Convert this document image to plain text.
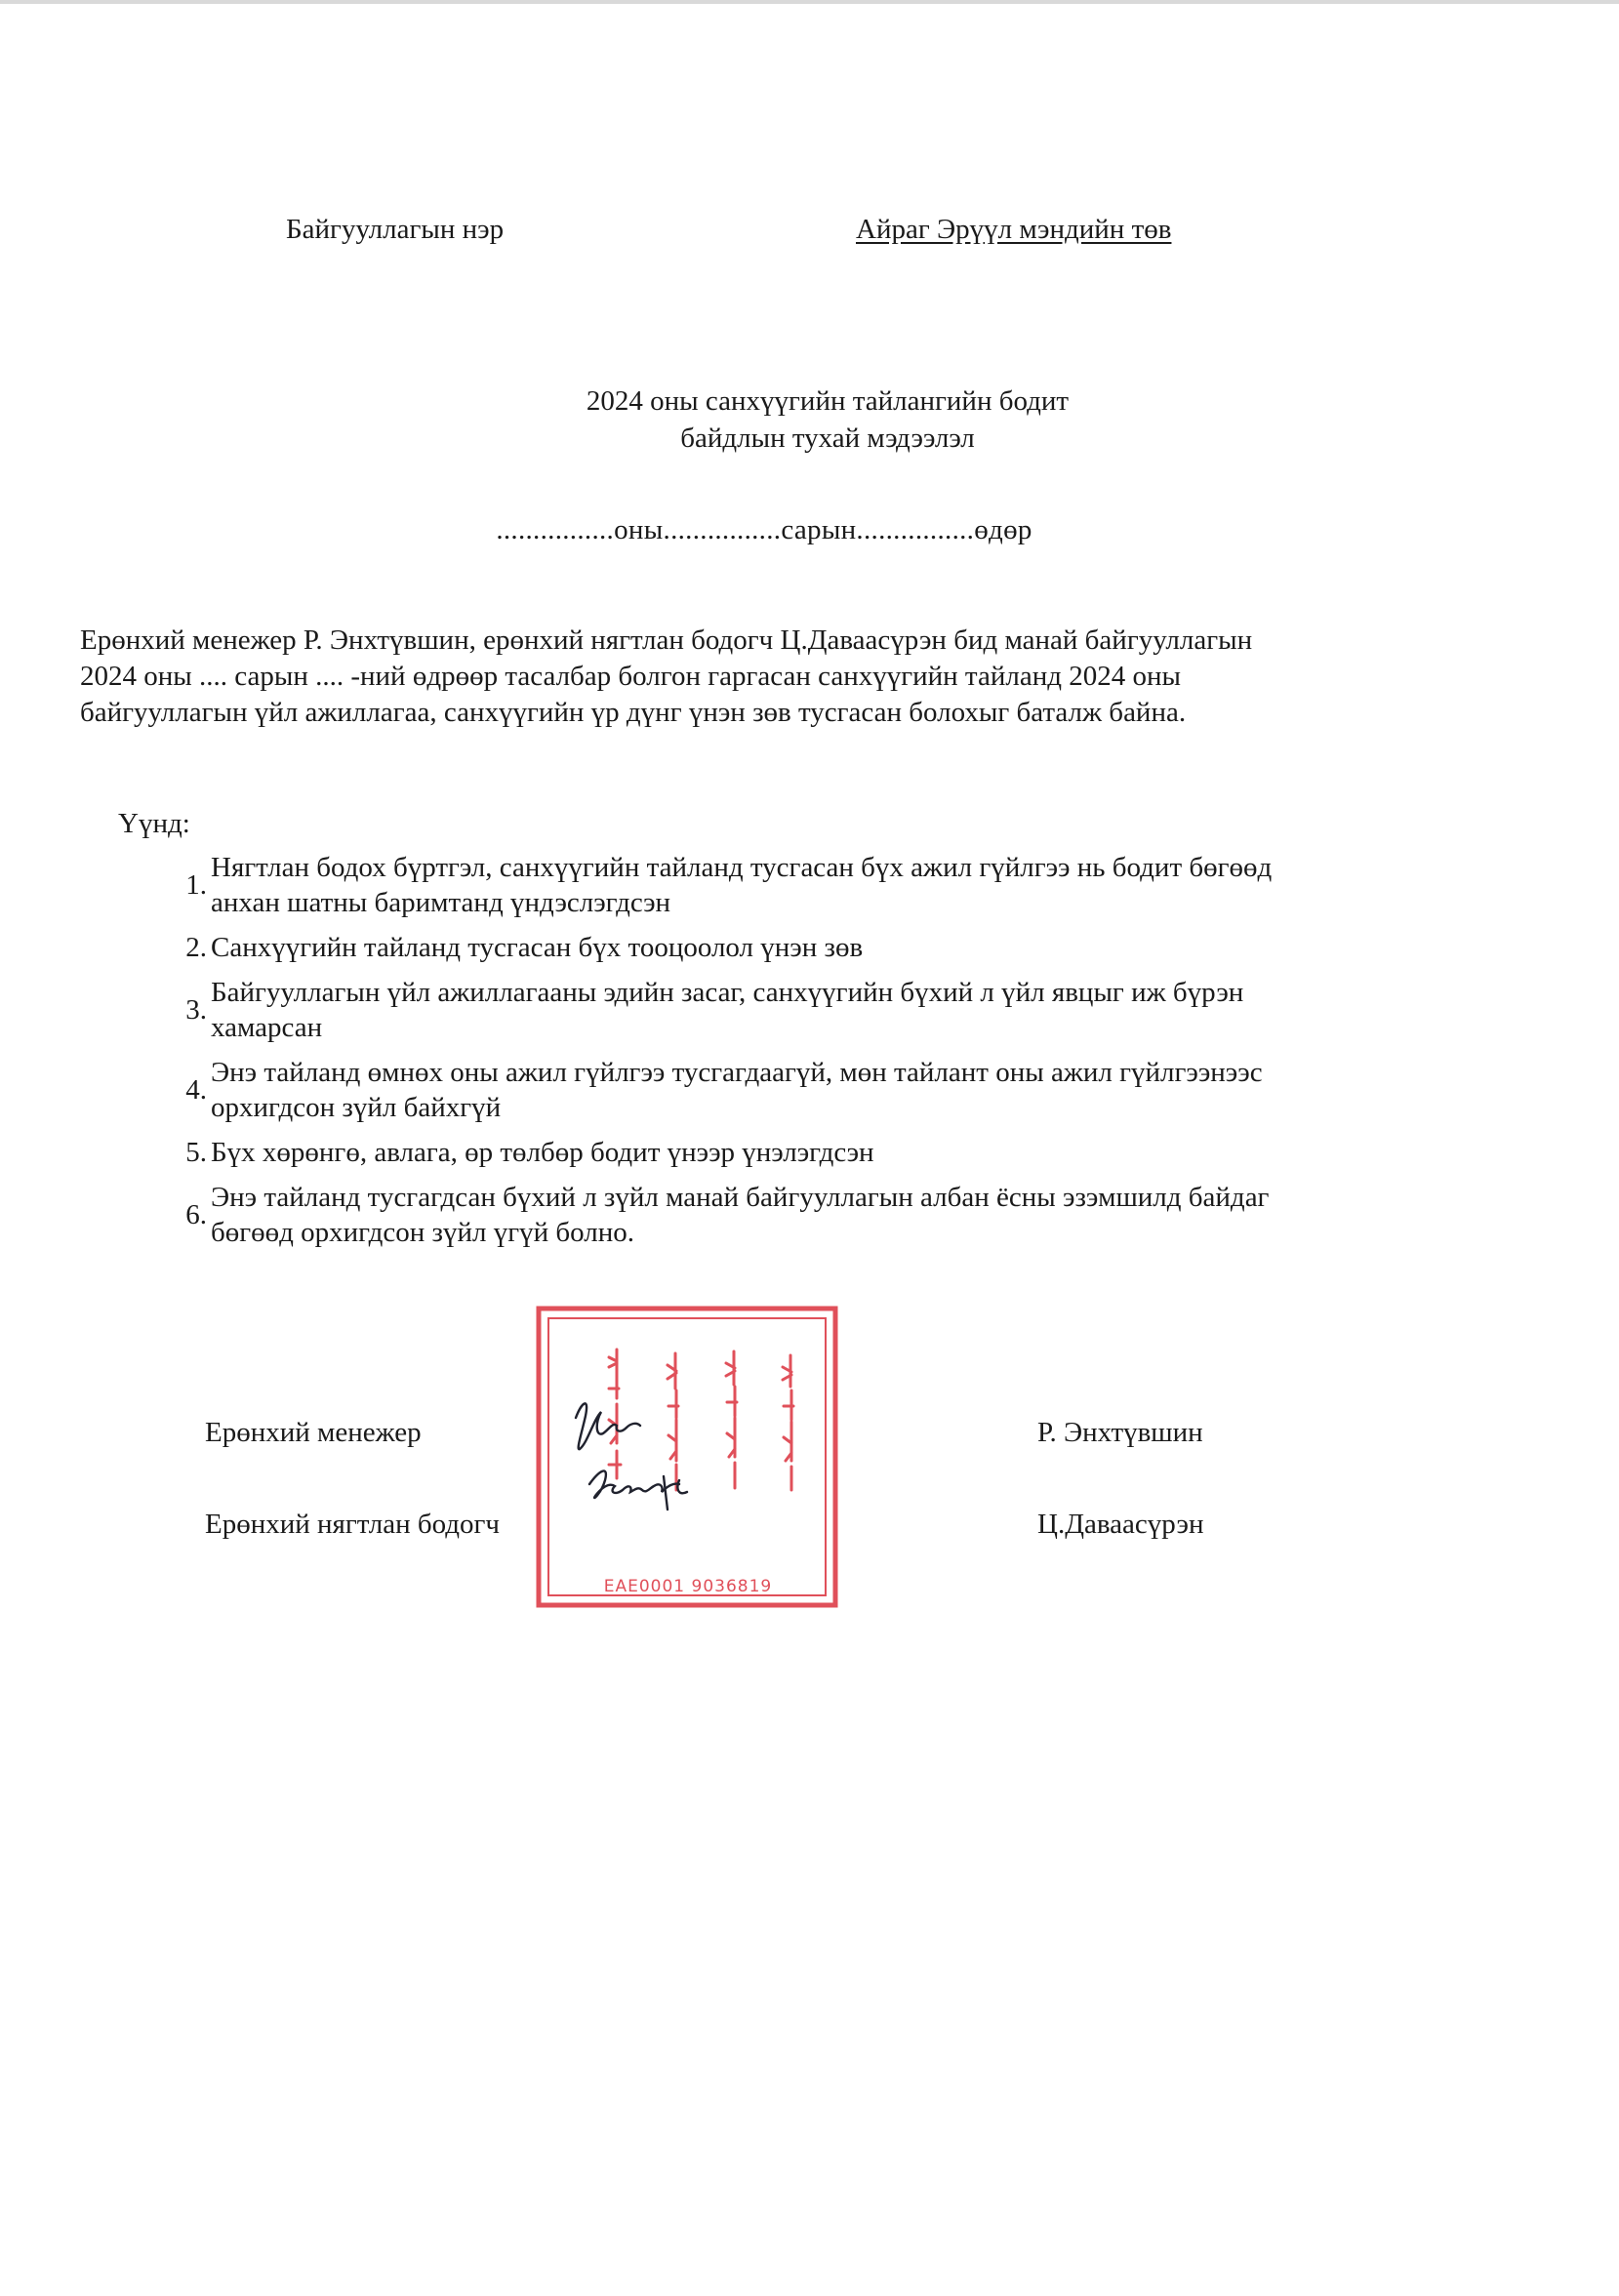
Байгууллагын нэр	Айраг Эрүүл мэндийн төв
2024 оны санхүүгийн тайлангийн бодит
байдлын тухай мэдээлэл
................оны................сарын................өдөр
Ерөнхий менежер Р. Энхтүвшин, ерөнхий нягтлан бодогч Ц.Даваасүрэн бид манай байгууллагын
2024 оны .... сарын .... -ний өдрөөр тасалбар болгон гаргасан санхүүгийн тайланд 2024 оны
байгууллагын үйл ажиллагаа, санхүүгийн үр дүнг үнэн зөв тусгасан болохыг баталж байна.
Үүнд:
1.
Нягтлан бодох бүртгэл, санхүүгийн тайланд тусгасан бүх ажил гүйлгээ нь бодит бөгөөд
анхан шатны баримтанд үндэслэгдсэн
2. Санхүүгийн тайланд тусгасан бүх тооцоолол үнэн зөв
3.
Байгууллагын үйл ажиллагааны эдийн засаг, санхүүгийн бүхий л үйл явцыг иж бүрэн
хамарсан
4.
Энэ тайланд өмнөх оны ажил гүйлгээ тусгагдаагүй, мөн тайлант оны ажил гүйлгээнээс
орхигдсон зүйл байхгүй
5. Бүх хөрөнгө, авлага, өр төлбөр бодит үнээр үнэлэгдсэн
6.
Энэ тайланд тусгагдсан бүхий л зүйл манай байгууллагын албан ёсны эзэмшилд байдаг
бөгөөд орхигдсон зүйл үгүй болно.
Ерөнхий менежер	Р. Энхтүвшин
Ерөнхий нягтлан бодогч	Ц.Даваасүрэн
EAE0001 9036819
